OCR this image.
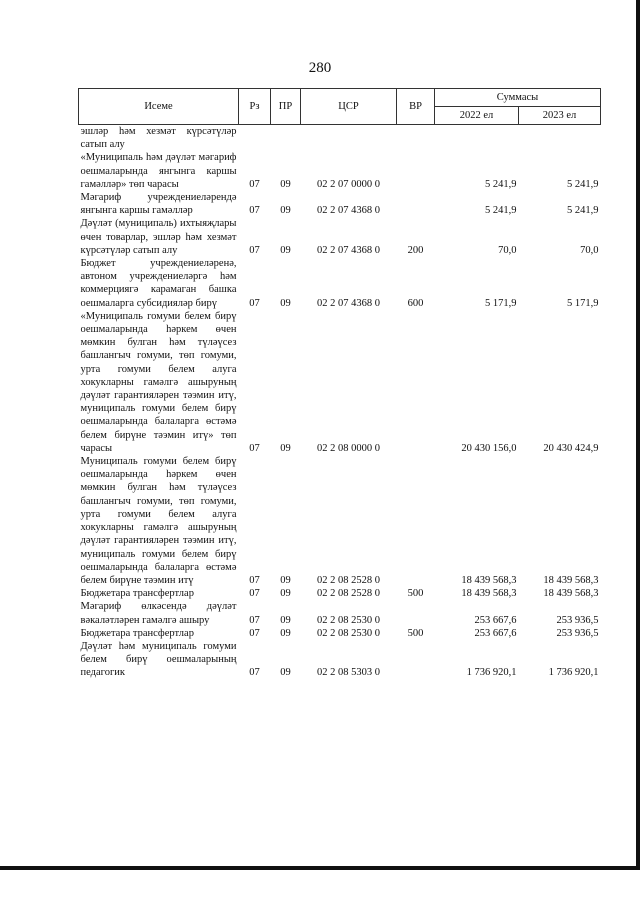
280
Исеме	Рз	ПР	ЦСР	ВР	Суммасы	
					2022 ел	2023 ел
эшләр һәм хезмәт күрсәтүләр сатып алу						
«Муниципаль һәм дәүләт мәгариф оешмаларында янгынга каршы гамәлләр» төп чарасы	07	09	02 2 07 0000 0		5 241,9	5 241,9
Мәгариф учреждениеләрендә янгынга каршы гамәлләр	07	09	02 2 07 4368 0		5 241,9	5 241,9
Дәүләт (муниципаль) ихтыяҗлары өчен товарлар, эшләр һәм хезмәт күрсәтүләр сатып алу	07	09	02 2 07 4368 0	200	70,0	70,0
Бюджет учреждениеләренә, автоном учреждениеләргә һәм коммерциягә карамаган башка оешмаларга субсидияләр бирү	07	09	02 2 07 4368 0	600	5 171,9	5 171,9
«Муниципаль гомуми белем бирү оешмаларында һәркем өчен мөмкин булган һәм түләүсез башлангыч гомуми, төп гомуми, урта гомуми белем алуга хокукларны гамәлгә ашыруның дәүләт гарантияләрен тәэмин итү, муниципаль гомуми белем бирү оешмаларында балаларга өстәмә белем бирүне тәэмин итү» төп чарасы	07	09	02 2 08 0000 0		20 430 156,0	20 430 424,9
Муниципаль гомуми белем бирү оешмаларында һәркем өчен мөмкин булган һәм түләүсез башлангыч гомуми, төп гомуми, урта гомуми белем алуга хокукларны гамәлгә ашыруның дәүләт гарантияләрен тәэмин итү, муниципаль гомуми белем бирү оешмаларында балаларга өстәмә белем бирүне тәэмин итү	07	09	02 2 08 2528 0		18 439 568,3	18 439 568,3
Бюджетара трансфертлар	07	09	02 2 08 2528 0	500	18 439 568,3	18 439 568,3
Мәгариф өлкәсендә дәүләт вәкаләтләрен гамәлгә ашыру	07	09	02 2 08 2530 0		253 667,6	253 936,5
Бюджетара трансфертлар	07	09	02 2 08 2530 0	500	253 667,6	253 936,5
Дәүләт һәм муниципаль гомуми белем бирү оешмаларының педагогик	07	09	02 2 08 5303 0		1 736 920,1	1 736 920,1
